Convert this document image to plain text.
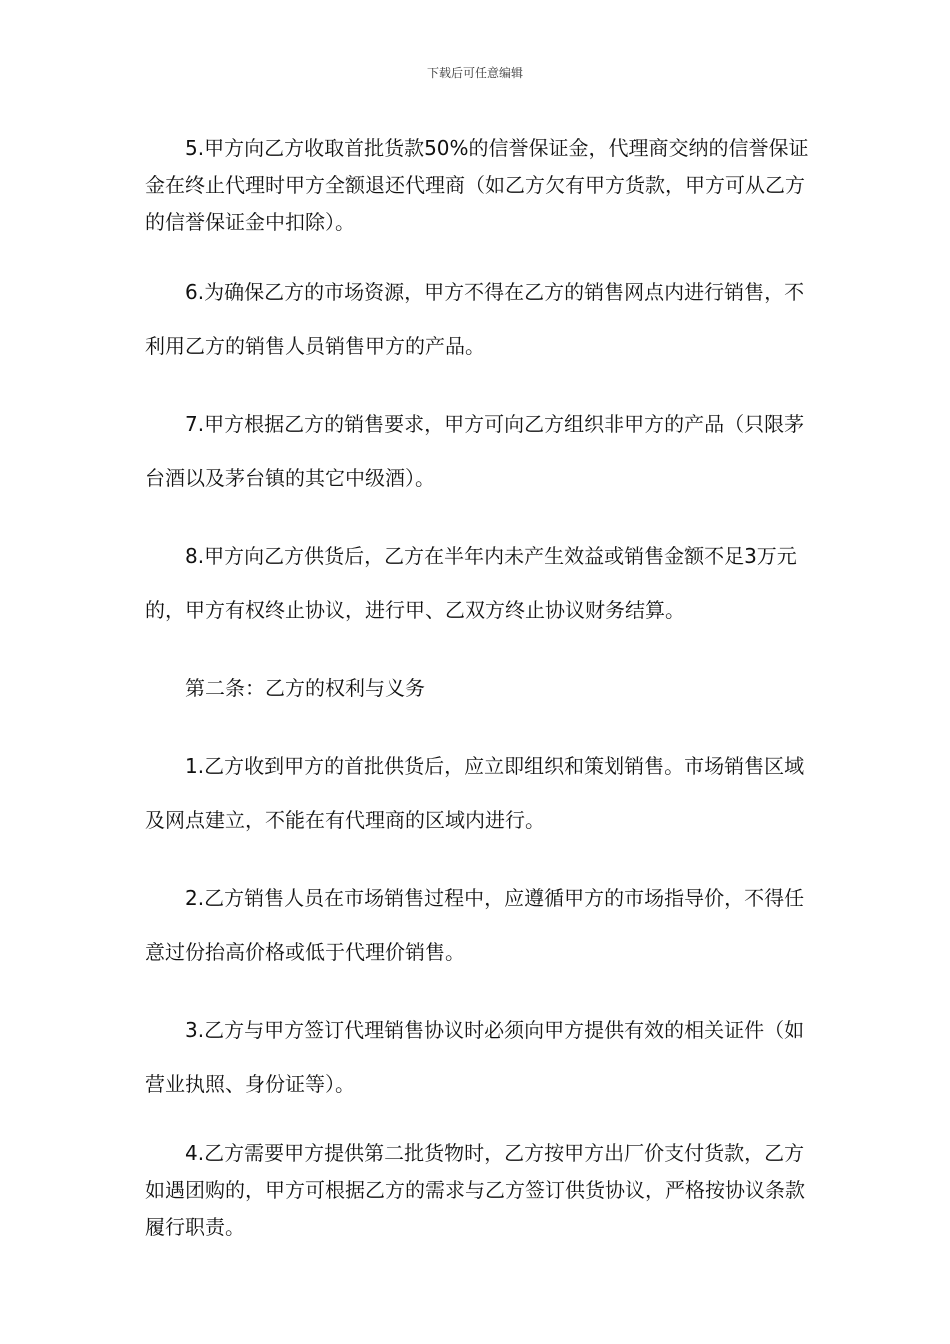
下载后可任意编辑

5.甲方向乙方收取首批货款50%的信誉保证金，代理商交纳的信誉保证金在终止代理时甲方全额退还代理商（如乙方欠有甲方货款，甲方可从乙方的信誉保证金中扣除）。

6.为确保乙方的市场资源，甲方不得在乙方的销售网点内进行销售，不利用乙方的销售人员销售甲方的产品。

7.甲方根据乙方的销售要求，甲方可向乙方组织非甲方的产品（只限茅台酒以及茅台镇的其它中级酒）。

8.甲方向乙方供货后，乙方在半年内未产生效益或销售金额不足3万元的，甲方有权终止协议，进行甲、乙双方终止协议财务结算。

第二条：乙方的权利与义务

1.乙方收到甲方的首批供货后，应立即组织和策划销售。市场销售区域及网点建立，不能在有代理商的区域内进行。

2.乙方销售人员在市场销售过程中，应遵循甲方的市场指导价，不得任意过份抬高价格或低于代理价销售。

3.乙方与甲方签订代理销售协议时必须向甲方提供有效的相关证件（如营业执照、身份证等）。

4.乙方需要甲方提供第二批货物时，乙方按甲方出厂价支付货款，乙方如遇团购的，甲方可根据乙方的需求与乙方签订供货协议，严格按协议条款履行职责。
